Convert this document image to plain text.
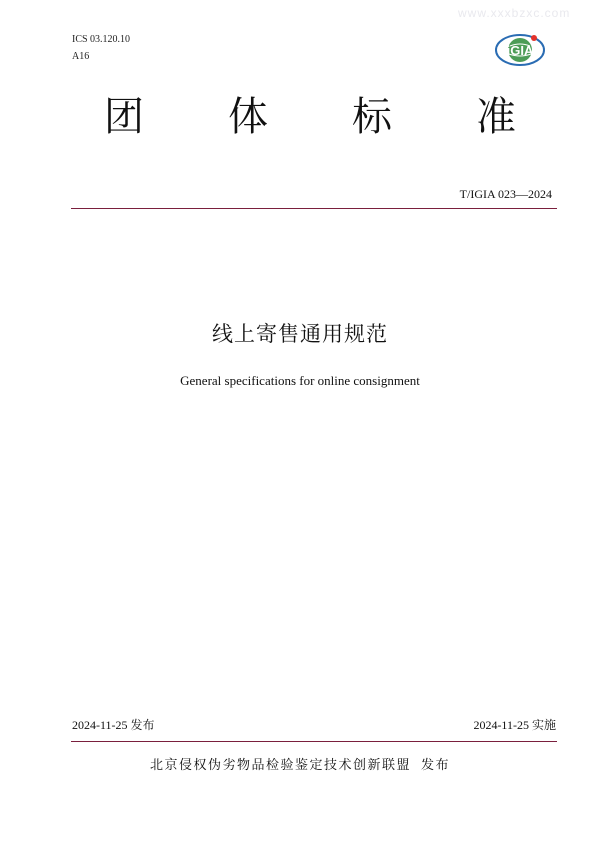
www.xxxbzxc.com
ICS 03.120.10
A16	iGIA
团 体 标 准
T/IGIA 023—2024
线上寄售通用规范
General specifications for online consignment
2024-11-25 发布	2024-11-25 实施
北京侵权伪劣物品检验鉴定技术创新联盟 发布
